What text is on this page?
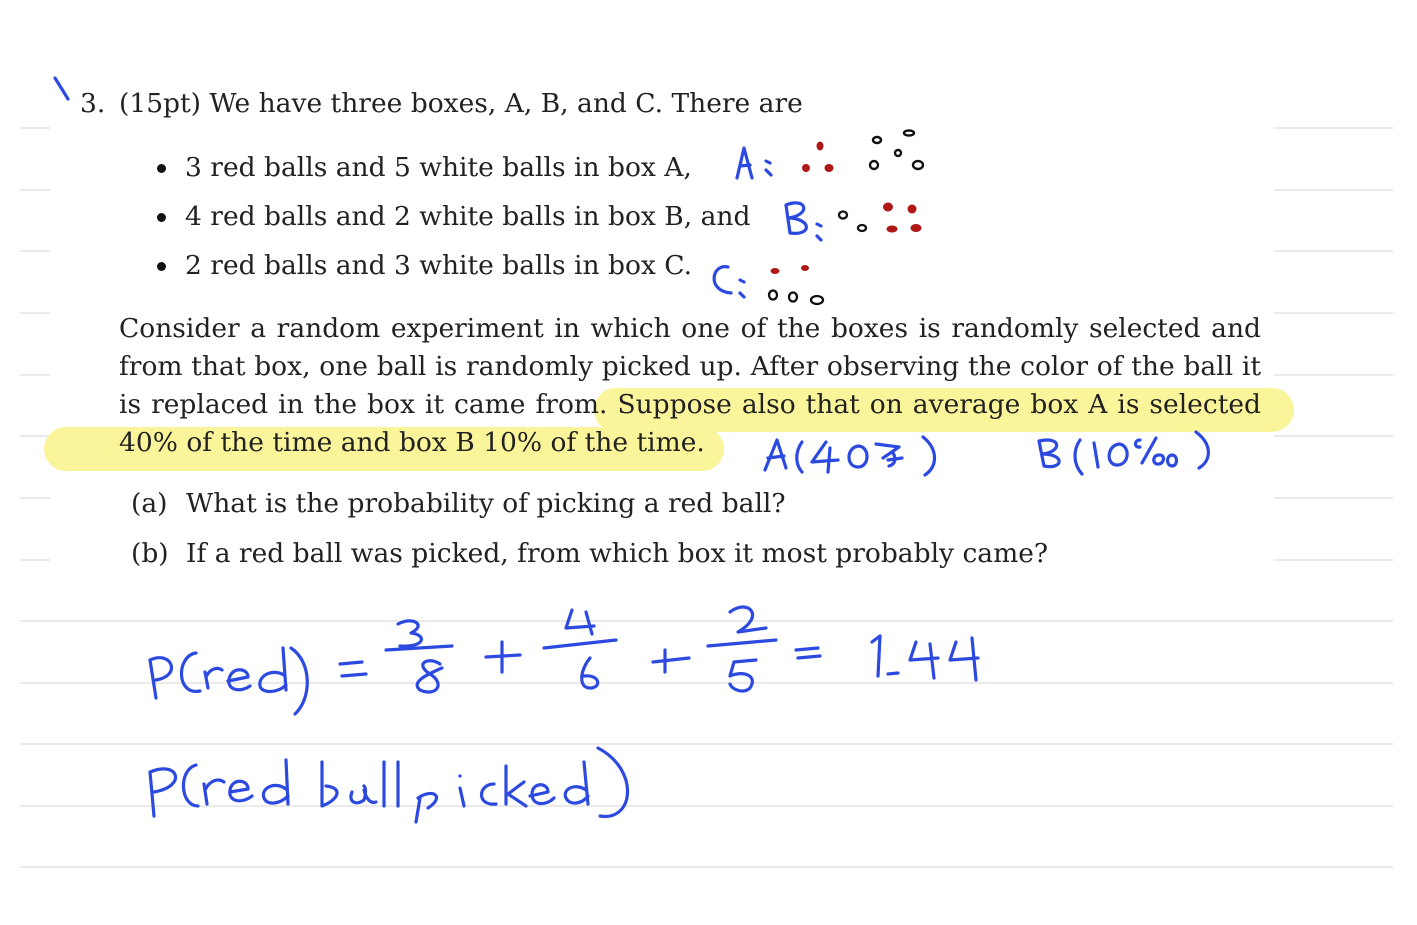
3. (15pt) We have three boxes, A, B, and C. There are
3 red balls and 5 white balls in box A,
4 red balls and 2 white balls in box B, and
2 red balls and 3 white balls in box C.
Consider a random experiment in which one of the boxes is randomly selected and
from that box, one ball is randomly picked up. After observing the color of the ball it
is replaced in the box it came from. Suppose also that on average box A is selected
40% of the time and box B 10% of the time.
(a) What is the probability of picking a red ball?
(b) If a red ball was picked, from which box it most probably came?
